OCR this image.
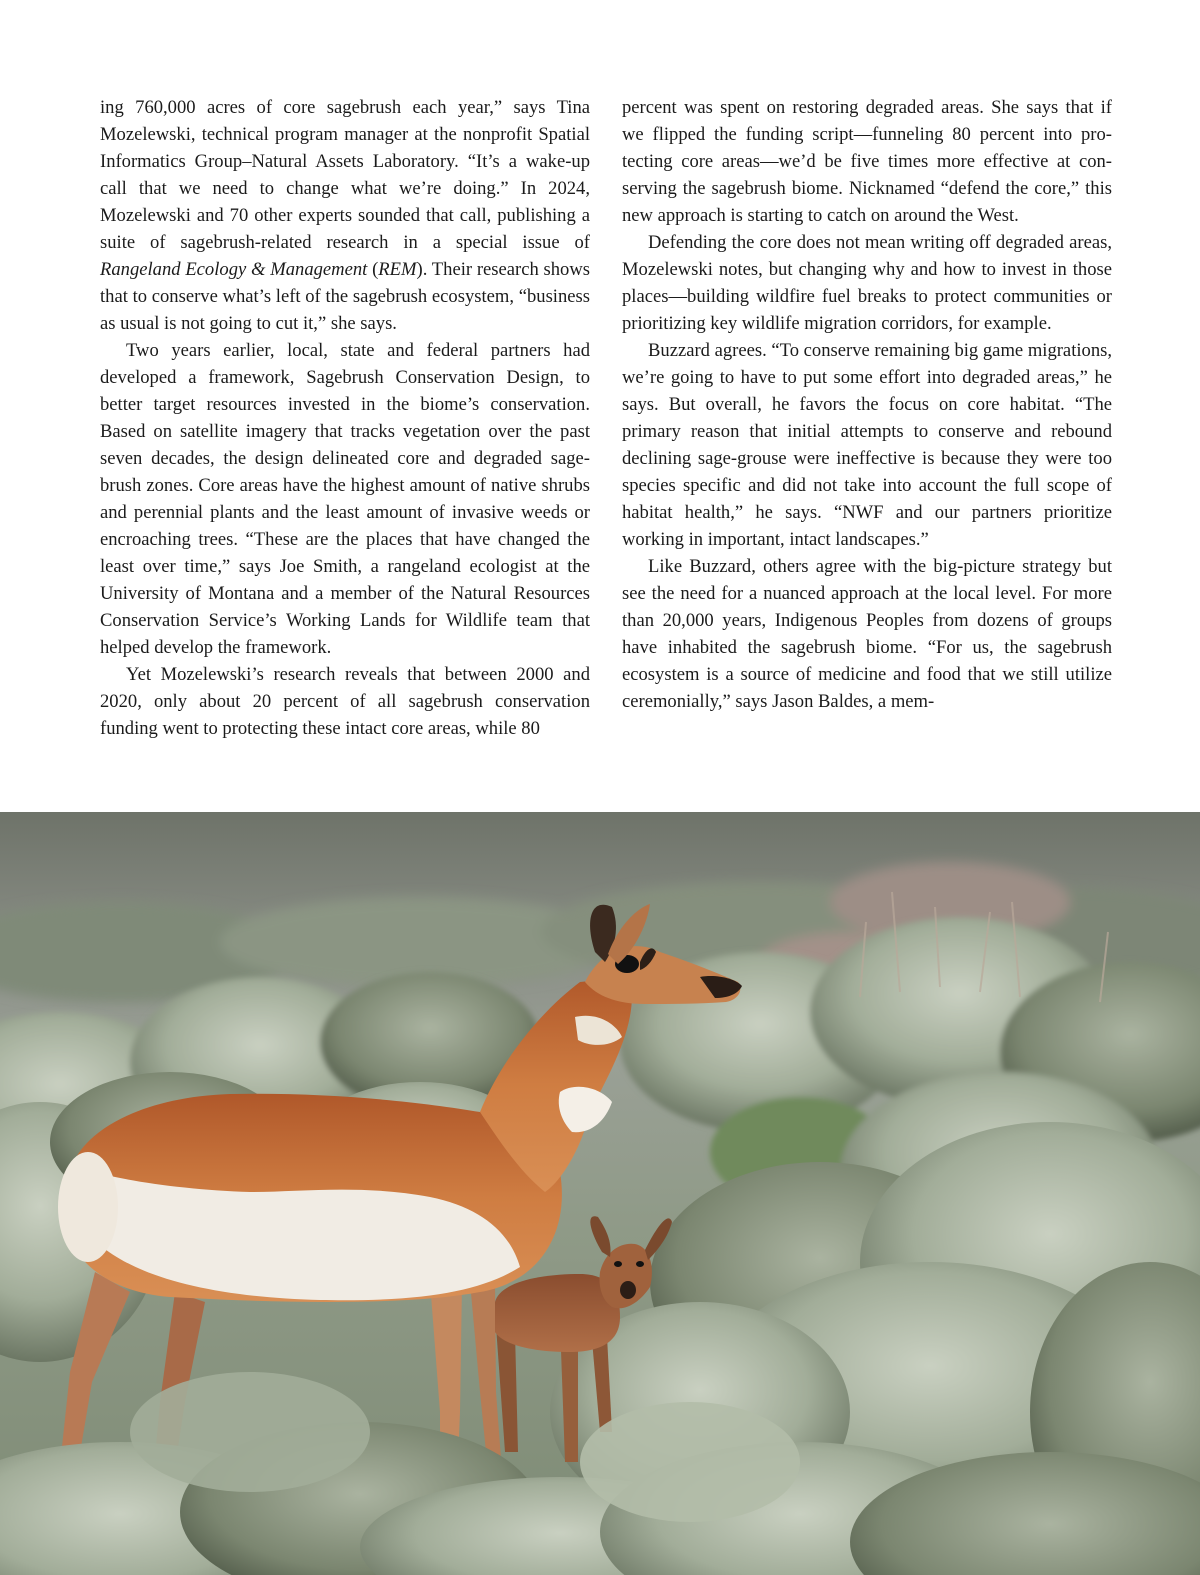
ing 760,000 acres of core sagebrush each year,” says Tina Mozelewski, technical program manager at the nonprofit Spatial Informatics Group–Natural Assets Laboratory. “It’s a wake-up call that we need to change what we’re doing.” In 2024, Mozelewski and 70 other experts sounded that call, publishing a suite of sagebrush-related research in a special issue of Rangeland Ecology & Management (REM). Their research shows that to conserve what’s left of the sagebrush ecosystem, “business as usual is not going to cut it,” she says.

Two years earlier, local, state and federal partners had developed a framework, Sagebrush Conservation Design, to better target resources invested in the biome’s conservation. Based on satellite imagery that tracks vegetation over the past seven decades, the design delineated core and degraded sagebrush zones. Core areas have the highest amount of native shrubs and perennial plants and the least amount of invasive weeds or encroaching trees. “These are the places that have changed the least over time,” says Joe Smith, a rangeland ecologist at the University of Montana and a member of the Natural Resources Conservation Service’s Working Lands for Wildlife team that helped develop the framework.

Yet Mozelewski’s research reveals that between 2000 and 2020, only about 20 percent of all sagebrush conservation funding went to protecting these intact core areas, while 80

percent was spent on restoring degraded areas. She says that if we flipped the funding script—funneling 80 percent into protecting core areas—we’d be five times more effective at conserving the sagebrush biome. Nicknamed “defend the core,” this new approach is starting to catch on around the West.

Defending the core does not mean writing off degraded areas, Mozelewski notes, but changing why and how to invest in those places—building wildfire fuel breaks to protect communities or prioritizing key wildlife migration corridors, for example.

Buzzard agrees. “To conserve remaining big game migrations, we’re going to have to put some effort into degraded areas,” he says. But overall, he favors the focus on core habitat. “The primary reason that initial attempts to conserve and rebound declining sage-grouse were ineffective is because they were too species specific and did not take into account the full scope of habitat health,” he says. “NWF and our partners prioritize working in important, intact landscapes.”

Like Buzzard, others agree with the big-picture strategy but see the need for a nuanced approach at the local level. For more than 20,000 years, Indigenous Peoples from dozens of groups have inhabited the sagebrush biome. “For us, the sagebrush ecosystem is a source of medicine and food that we still utilize ceremonially,” says Jason Baldes, a mem-
